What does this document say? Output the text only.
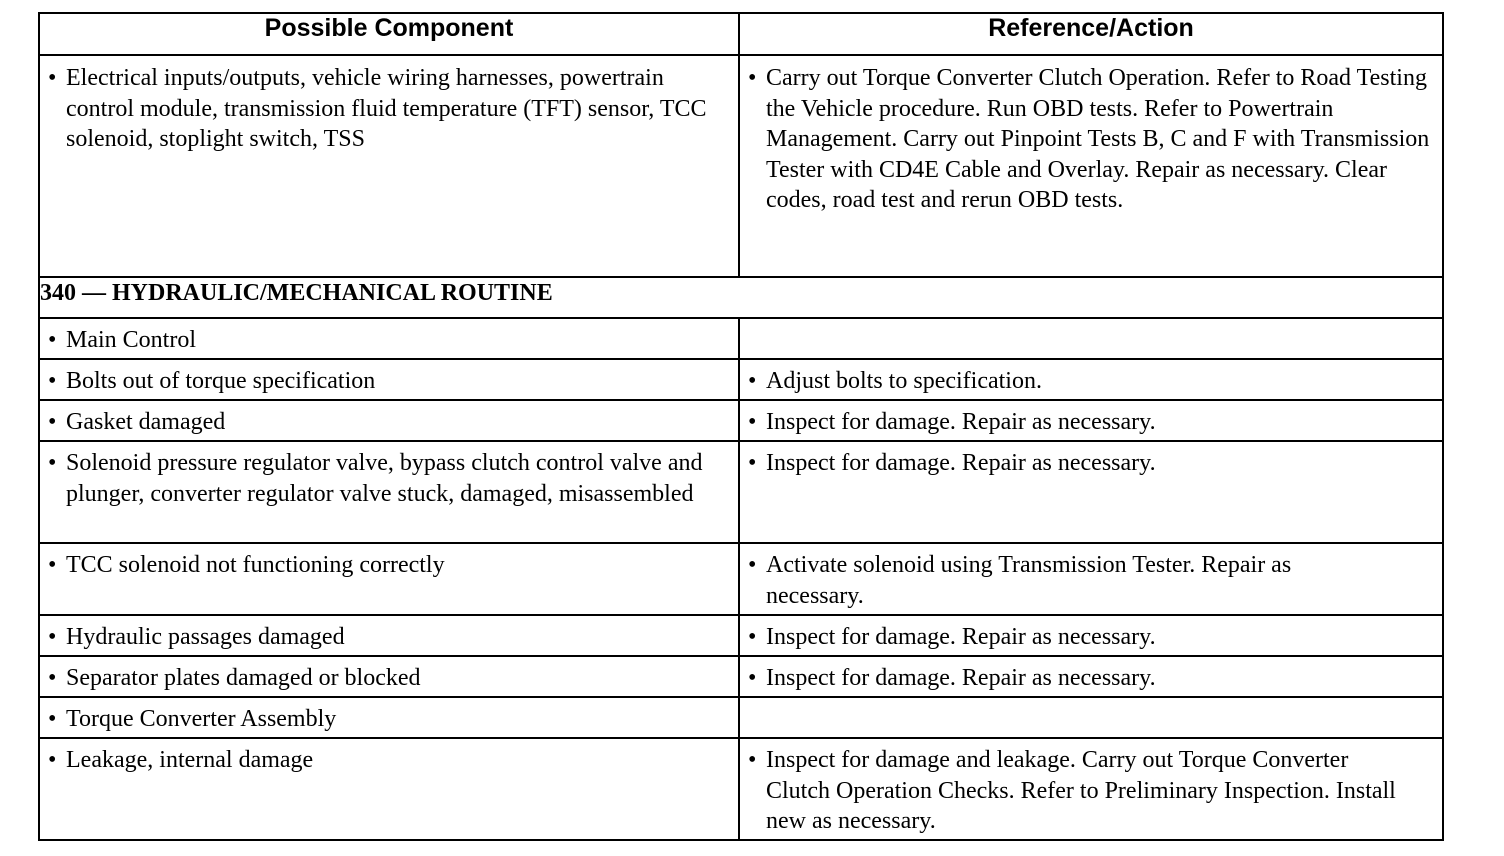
Possible Component	Reference/Action

• Electrical inputs/outputs, vehicle wiring harnesses, powertrain control module, transmission fluid temperature (TFT) sensor, TCC solenoid, stoplight switch, TSS	• Carry out Torque Converter Clutch Operation. Refer to Road Testing the Vehicle procedure. Run OBD tests. Refer to Powertrain Management. Carry out Pinpoint Tests B, C and F with Transmission Tester with CD4E Cable and Overlay. Repair as necessary. Clear codes, road test and rerun OBD tests.

340 — HYDRAULIC/MECHANICAL ROUTINE	

• Main Control	

• Bolts out of torque specification	• Adjust bolts to specification.

• Gasket damaged	• Inspect for damage. Repair as necessary.

• Solenoid pressure regulator valve, bypass clutch control valve and plunger, converter regulator valve stuck, damaged, misassembled	• Inspect for damage. Repair as necessary.

• TCC solenoid not functioning correctly	• Activate solenoid using Transmission Tester. Repair as necessary.

• Hydraulic passages damaged	• Inspect for damage. Repair as necessary.

• Separator plates damaged or blocked	• Inspect for damage. Repair as necessary.

• Torque Converter Assembly	

• Leakage, internal damage	• Inspect for damage and leakage. Carry out Torque Converter Clutch Operation Checks. Refer to Preliminary Inspection. Install new as necessary.
